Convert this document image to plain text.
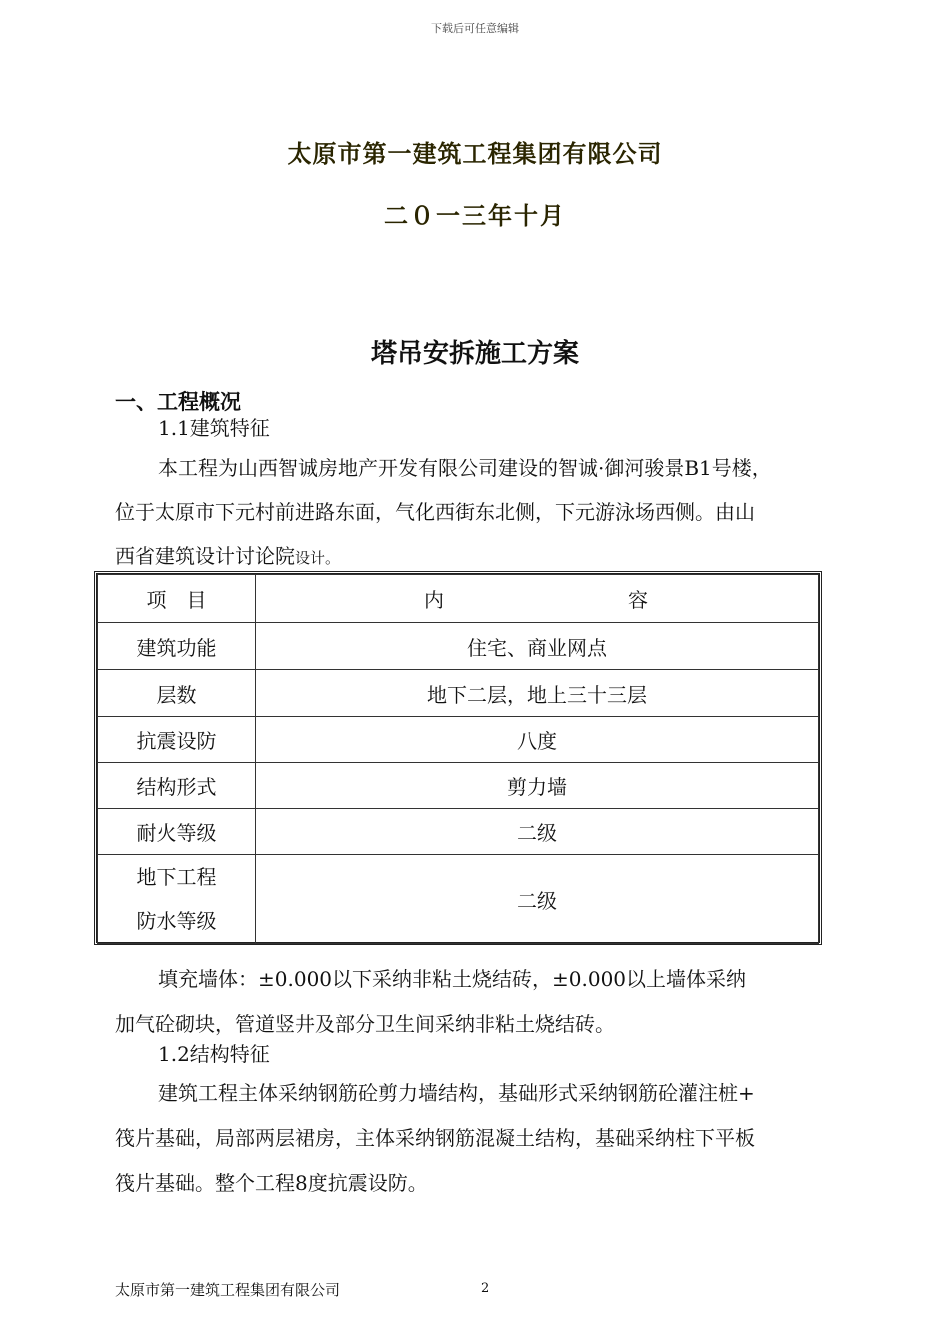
下载后可任意编辑
太原市第一建筑工程集团有限公司
二０一三年十月
塔吊安拆施工方案
一、工程概况
1.1建筑特征
本工程为山西智诚房地产开发有限公司建设的智诚·御河骏景B1号楼，
位于太原市下元村前进路东面，气化西街东北侧，下元游泳场西侧。由山
西省建筑设计讨论院设计。
项　目	内 容

建筑功能	住宅、商业网点
层数	地下二层，地上三十三层
抗震设防	八度
结构形式	剪力墙
耐火等级	二级

地下工程
防水等级	二级
填充墙体：±0.000以下采纳非粘土烧结砖，±0.000以上墙体采纳
加气砼砌块，管道竖井及部分卫生间采纳非粘土烧结砖。
1.2结构特征
建筑工程主体采纳钢筋砼剪力墙结构，基础形式采纳钢筋砼灌注桩+
筏片基础，局部两层裙房，主体采纳钢筋混凝土结构，基础采纳柱下平板
筏片基础。整个工程8度抗震设防。
太原市第一建筑工程集团有限公司	2
